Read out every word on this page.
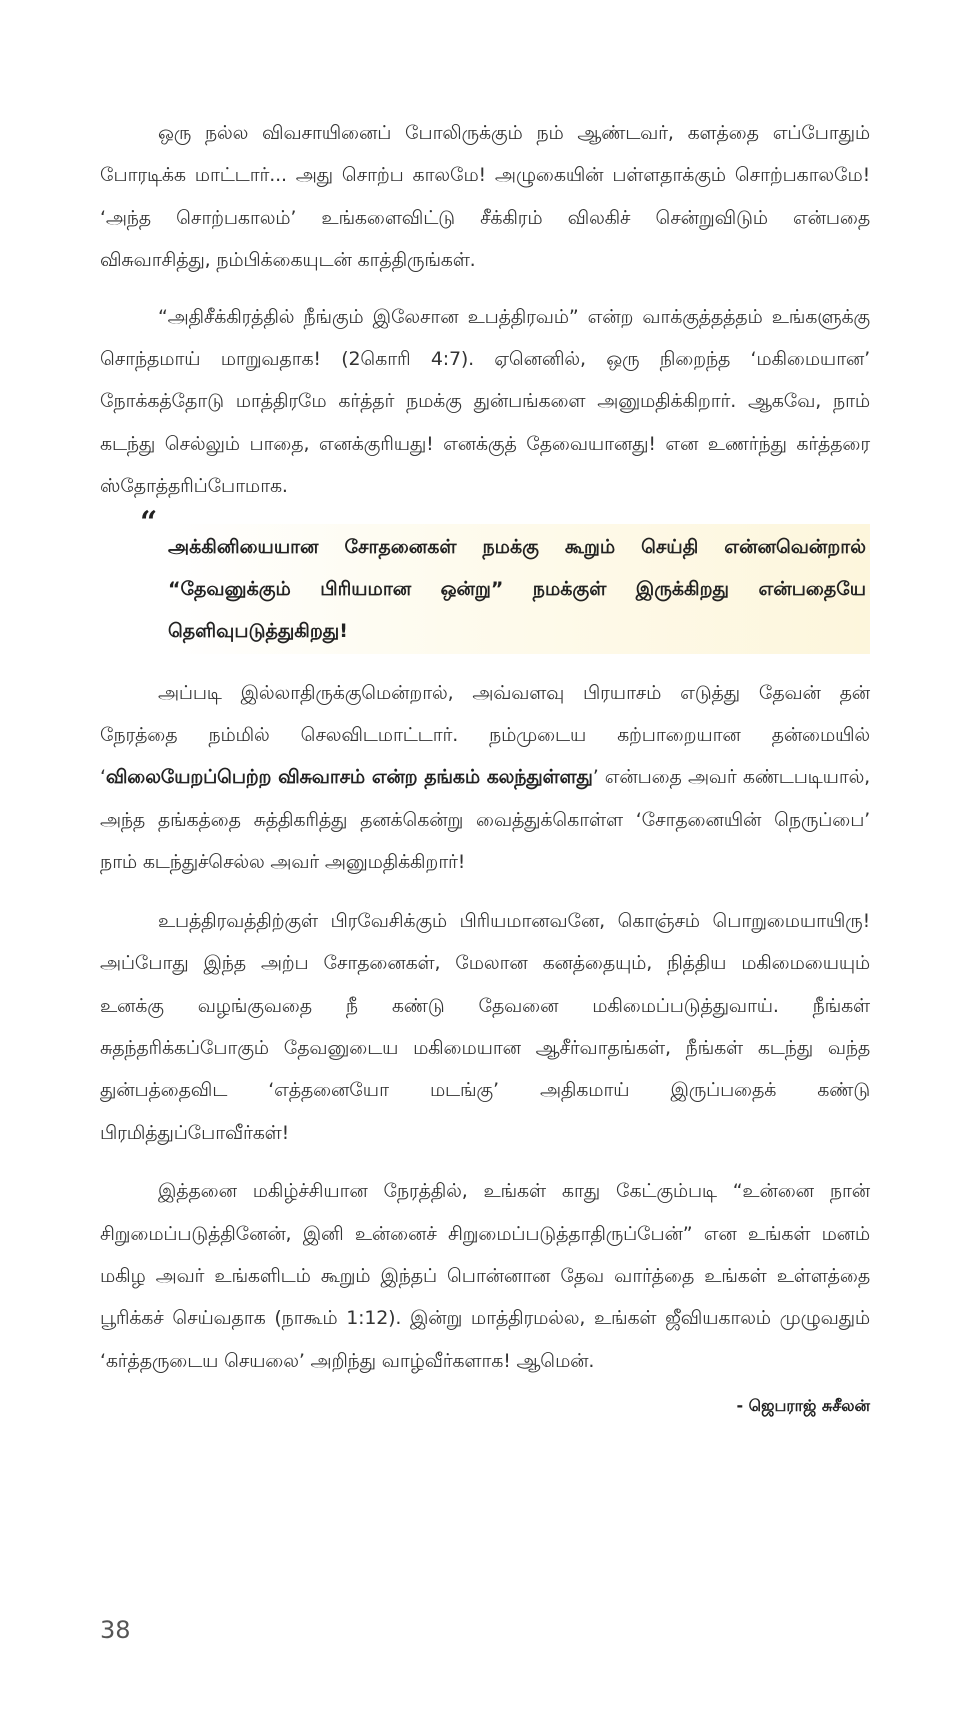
ஒரு நல்ல விவசாயினைப் போலிருக்கும் நம் ஆண்டவர், களத்தை எப்போதும் போரடிக்க மாட்டார்... அது சொற்ப காலமே! அழுகையின் பள்ளதாக்கும் சொற்பகாலமே! ‘அந்த சொற்பகாலம்’ உங்களைவிட்டு சீக்கிரம் விலகிச் சென்றுவிடும் என்பதை விசுவாசித்து, நம்பிக்கையுடன் காத்திருங்கள்.

“அதிசீக்கிரத்தில் நீங்கும் இலேசான உபத்திரவம்” என்ற வாக்குத்தத்தம் உங்களுக்கு சொந்தமாய் மாறுவதாக! (2கொரி 4:7). ஏனெனில், ஒரு நிறைந்த ‘மகிமையான’ நோக்கத்தோடு மாத்திரமே கர்த்தர் நமக்கு துன்பங்களை அனுமதிக்கிறார். ஆகவே, நாம் கடந்து செல்லும் பாதை, எனக்குரியது! எனக்குத் தேவையானது! என உணர்ந்து கர்த்தரை ஸ்தோத்தரிப்போமாக.

“

அக்கினியையான சோதனைகள் நமக்கு கூறும் செய்தி என்னவென்றால் “தேவனுக்கும் பிரியமான ஒன்று” நமக்குள் இருக்கிறது என்பதையே தெளிவுபடுத்துகிறது!

அப்படி இல்லாதிருக்குமென்றால், அவ்வளவு பிரயாசம் எடுத்து தேவன் தன் நேரத்தை நம்மில் செலவிடமாட்டார். நம்முடைய கற்பாறையான தன்மையில் ‘விலையேறப்பெற்ற விசுவாசம் என்ற தங்கம் கலந்துள்ளது’ என்பதை அவர் கண்டபடியால், அந்த தங்கத்தை சுத்திகரித்து தனக்கென்று வைத்துக்கொள்ள ‘சோதனையின் நெருப்பை’ நாம் கடந்துச்செல்ல அவர் அனுமதிக்கிறார்!

உபத்திரவத்திற்குள் பிரவேசிக்கும் பிரியமானவனே, கொஞ்சம் பொறுமையாயிரு! அப்போது இந்த அற்ப சோதனைகள், மேலான கனத்தையும், நித்திய மகிமையையும் உனக்கு வழங்குவதை நீ கண்டு தேவனை மகிமைப்படுத்துவாய். நீங்கள் சுதந்தரிக்கப்போகும் தேவனுடைய மகிமையான ஆசீர்வாதங்கள், நீங்கள் கடந்து வந்த துன்பத்தைவிட ‘எத்தனையோ மடங்கு’ அதிகமாய் இருப்பதைக் கண்டு பிரமித்துப்போவீர்கள்!

இத்தனை மகிழ்ச்சியான நேரத்தில், உங்கள் காது கேட்கும்படி “உன்னை நான் சிறுமைப்படுத்தினேன், இனி உன்னைச் சிறுமைப்படுத்தாதிருப்பேன்” என உங்கள் மனம் மகிழ அவர் உங்களிடம் கூறும் இந்தப் பொன்னான தேவ வார்த்தை உங்கள் உள்ளத்தை பூரிக்கச் செய்வதாக (நாகூம் 1:12). இன்று மாத்திரமல்ல, உங்கள் ஜீவியகாலம் முழுவதும் ‘கர்த்தருடைய செயலை’ அறிந்து வாழ்வீர்களாக! ஆமென்.

- ஜெபராஜ் சுசீலன்
38
